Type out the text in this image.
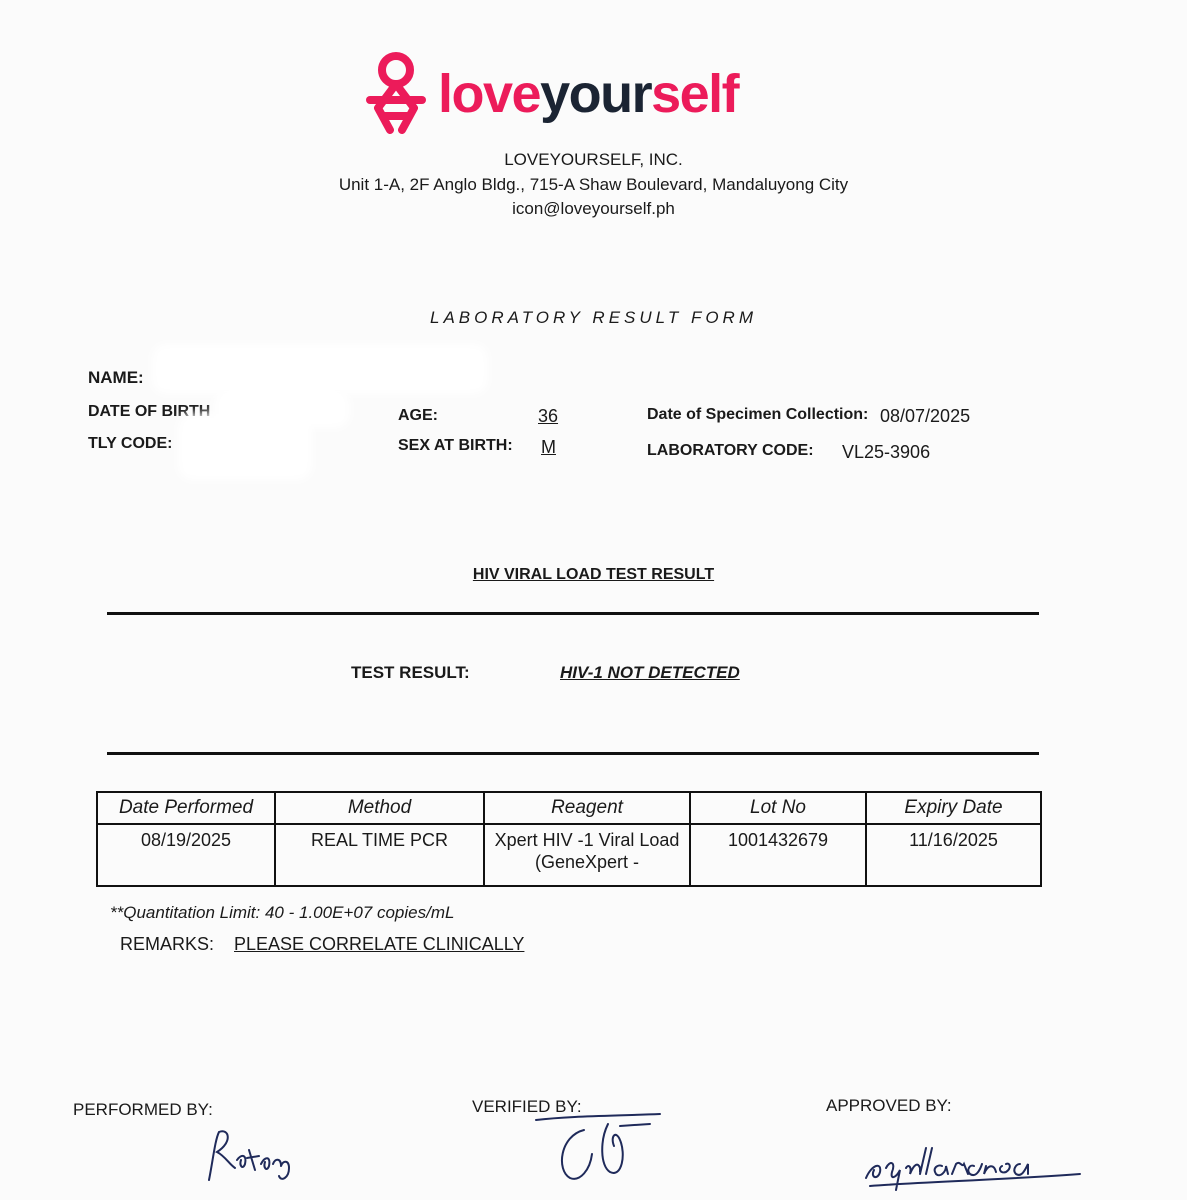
loveyourself
LOVEYOURSELF, INC.
Unit 1-A, 2F Anglo Bldg., 715-A Shaw Boulevard, Mandaluyong City
icon@loveyourself.ph
LABORATORY RESULT FORM
NAME:
DATE OF BIRTH
TLY CODE:
AGE:	36
SEX AT BIRTH: M
Date of Specimen Collection: 08/07/2025
LABORATORY CODE: VL25-3906
HIV VIRAL LOAD TEST RESULT
TEST RESULT:	HIV-1 NOT DETECTED
Date Performed	Method	Reagent	Lot No	Expiry Date
08/19/2025	REAL TIME PCR	Xpert HIV -1 Viral Load (GeneXpert -	1001432679	11/16/2025
**Quantitation Limit: 40 - 1.00E+07 copies/mL
REMARKS: PLEASE CORRELATE CLINICALLY
PERFORMED BY:	VERIFIED BY:	APPROVED BY:
